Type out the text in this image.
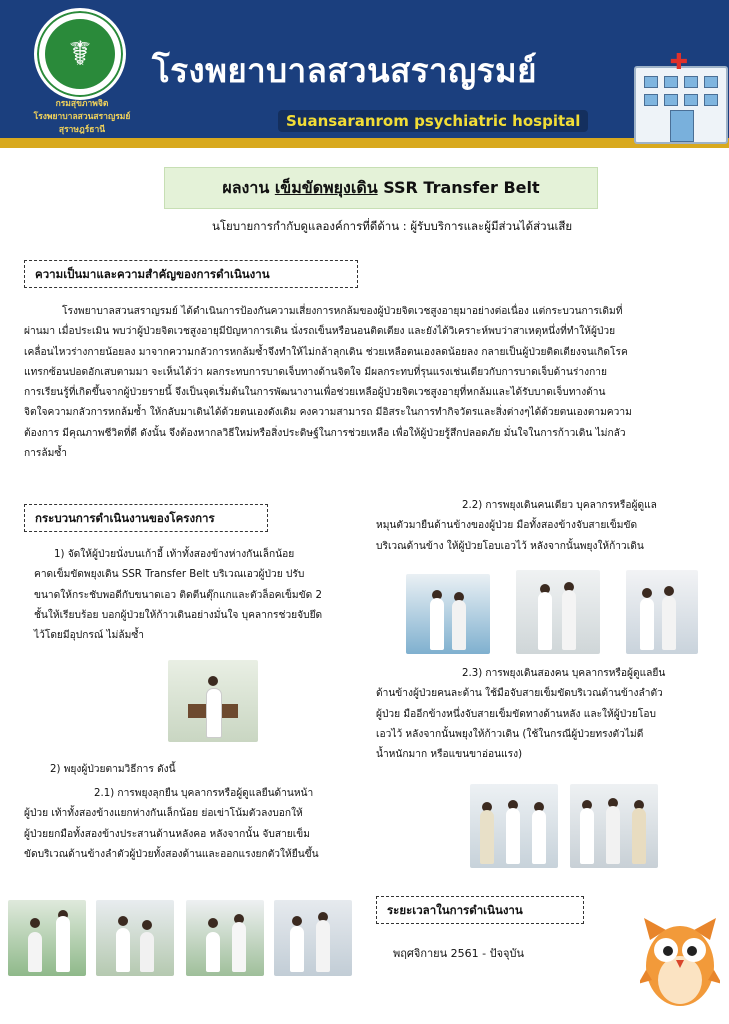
☤
กรมสุขภาพจิต
โรงพยาบาลสวนสราญรมย์
สุราษฎร์ธานี
โรงพยาบาลสวนสราญรมย์
Suansaranrom psychiatric hospital
✚
ผลงาน เข็มขัดพยุงเดิน SSR Transfer Belt
นโยบายการกำกับดูแลองค์การที่ดีด้าน : ผู้รับบริการและผู้มีส่วนได้ส่วนเสีย
ความเป็นมาและความสำคัญของการดำเนินงาน
โรงพยาบาลสวนสราญรมย์ ได้ดำเนินการป้องกันความเสี่ยงการหกล้มของผู้ป่วยจิตเวชสูงอายุมาอย่างต่อเนื่อง แต่กระบวนการเดิมที่
ผ่านมา เมื่อประเมิน พบว่าผู้ป่วยจิตเวชสูงอายุมีปัญหาการเดิน นั่งรถเข็นหรือนอนติดเตียง และยังได้วิเคราะห์พบว่าสาเหตุหนึ่งที่ทำให้ผู้ป่วย
เคลื่อนไหวร่างกายน้อยลง มาจากความกลัวการหกล้มซ้ำจึงทำให้ไม่กล้าลุกเดิน ช่วยเหลือตนเองลดน้อยลง กลายเป็นผู้ป่วยติดเตียงจนเกิดโรค
แทรกซ้อนปอดอักเสบตามมา จะเห็นได้ว่า ผลกระทบการบาดเจ็บทางด้านจิตใจ มีผลกระทบที่รุนแรงเช่นเดียวกับการบาดเจ็บด้านร่างกาย
การเรียนรู้ที่เกิดขึ้นจากผู้ป่วยรายนี้ จึงเป็นจุดเริ่มต้นในการพัฒนางานเพื่อช่วยเหลือผู้ป่วยจิตเวชสูงอายุที่หกล้มและได้รับบาดเจ็บทางด้าน
จิตใจความกลัวการหกล้มซ้ำ ให้กลับมาเดินได้ด้วยตนเองดังเดิม คงความสามารถ มีอิสระในการทำกิจวัตรและสิ่งต่างๆได้ด้วยตนเองตามความ
ต้องการ มีคุณภาพชีวิตที่ดี ดังนั้น จึงต้องหากลวิธีใหม่หรือสิ่งประดิษฐ์ในการช่วยเหลือ เพื่อให้ผู้ป่วยรู้สึกปลอดภัย มั่นใจในการก้าวเดิน ไม่กลัว
การล้มซ้ำ
กระบวนการดำเนินงานของโครงการ
1) จัดให้ผู้ป่วยนั่งบนเก้าอี้ เท้าทั้งสองข้างห่างกันเล็กน้อย
คาดเข็มขัดพยุงเดิน SSR Transfer Belt บริเวณเอวผู้ป่วย ปรับ
ขนาดให้กระชับพอดีกับขนาดเอว ติดตีนตุ๊กแกและตัวล็อคเข็มขัด 2
ชั้นให้เรียบร้อย บอกผู้ป่วยให้ก้าวเดินอย่างมั่นใจ บุคลากรช่วยจับยึด
ไว้โดยมีอุปกรณ์ ไม่ล้มซ้ำ
2) พยุงผู้ป่วยตามวิธีการ ดังนี้
2.1) การพยุงลุกยืน บุคลากรหรือผู้ดูแลยืนด้านหน้า
ผู้ป่วย เท้าทั้งสองข้างแยกห่างกันเล็กน้อย ย่อเข่าโน้มตัวลงบอกให้
ผู้ป่วยยกมือทั้งสองข้างประสานด้านหลังคอ หลังจากนั้น จับสายเข็ม
ขัดบริเวณด้านข้างลำตัวผู้ป่วยทั้งสองด้านและออกแรงยกตัวให้ยืนขึ้น
2.2) การพยุงเดินคนเดียว บุคลากรหรือผู้ดูแล
หมุนตัวมายืนด้านข้างของผู้ป่วย มือทั้งสองข้างจับสายเข็มขัด
บริเวณด้านข้าง ให้ผู้ป่วยโอบเอวไว้ หลังจากนั้นพยุงให้ก้าวเดิน
2.3) การพยุงเดินสองคน บุคลากรหรือผู้ดูแลยืน
ด้านข้างผู้ป่วยคนละด้าน ใช้มือจับสายเข็มขัดบริเวณด้านข้างลำตัว
ผู้ป่วย มืออีกข้างหนึ่งจับสายเข็มขัดทางด้านหลัง และให้ผู้ป่วยโอบ
เอวไว้ หลังจากนั้นพยุงให้ก้าวเดิน (ใช้ในกรณีผู้ป่วยทรงตัวไม่ดี
น้ำหนักมาก หรือแขนขาอ่อนแรง)
ระยะเวลาในการดำเนินงาน
พฤศจิกายน 2561 - ปัจจุบัน
